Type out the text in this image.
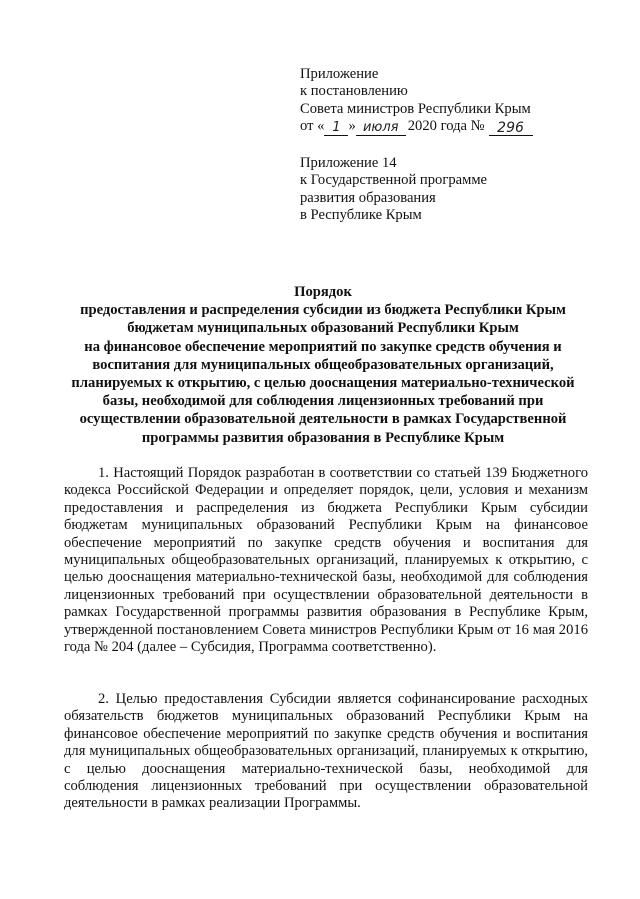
Приложение
к постановлению
Совета министров Республики Крым
от « 1 » июля 2020 года № 296
Приложение 14
к Государственной программе
развития образования
в Республике Крым
Порядок
предоставления и распределения субсидии из бюджета Республики Крым
бюджетам муниципальных образований Республики Крым
на финансовое обеспечение мероприятий по закупке средств обучения и
воспитания для муниципальных общеобразовательных организаций,
планируемых к открытию, с целью дооснащения материально-технической
базы, необходимой для соблюдения лицензионных требований при
осуществлении образовательной деятельности в рамках Государственной
программы развития образования в Республике Крым

1. Настоящий Порядок разработан в соответствии со статьей 139 Бюджетного кодекса Российской Федерации и определяет порядок, цели, условия и механизм предоставления и распределения из бюджета Республики Крым субсидии бюджетам муниципальных образований Республики Крым на финансовое обеспечение мероприятий по закупке средств обучения и воспитания для муниципальных общеобразовательных организаций, планируемых к открытию, с целью дооснащения материально-технической базы, необходимой для соблюдения лицензионных требований при осуществлении образовательной деятельности в рамках Государственной программы развития образования в Республике Крым, утвержденной постановлением Совета министров Республики Крым от 16 мая 2016 года № 204 (далее – Субсидия, Программа соответственно).

2. Целью предоставления Субсидии является софинансирование расходных обязательств бюджетов муниципальных образований Республики Крым на финансовое обеспечение мероприятий по закупке средств обучения и воспитания для муниципальных общеобразовательных организаций, планируемых к открытию, с целью дооснащения материально-технической базы, необходимой для соблюдения лицензионных требований при осуществлении образовательной деятельности в рамках реализации Программы.
